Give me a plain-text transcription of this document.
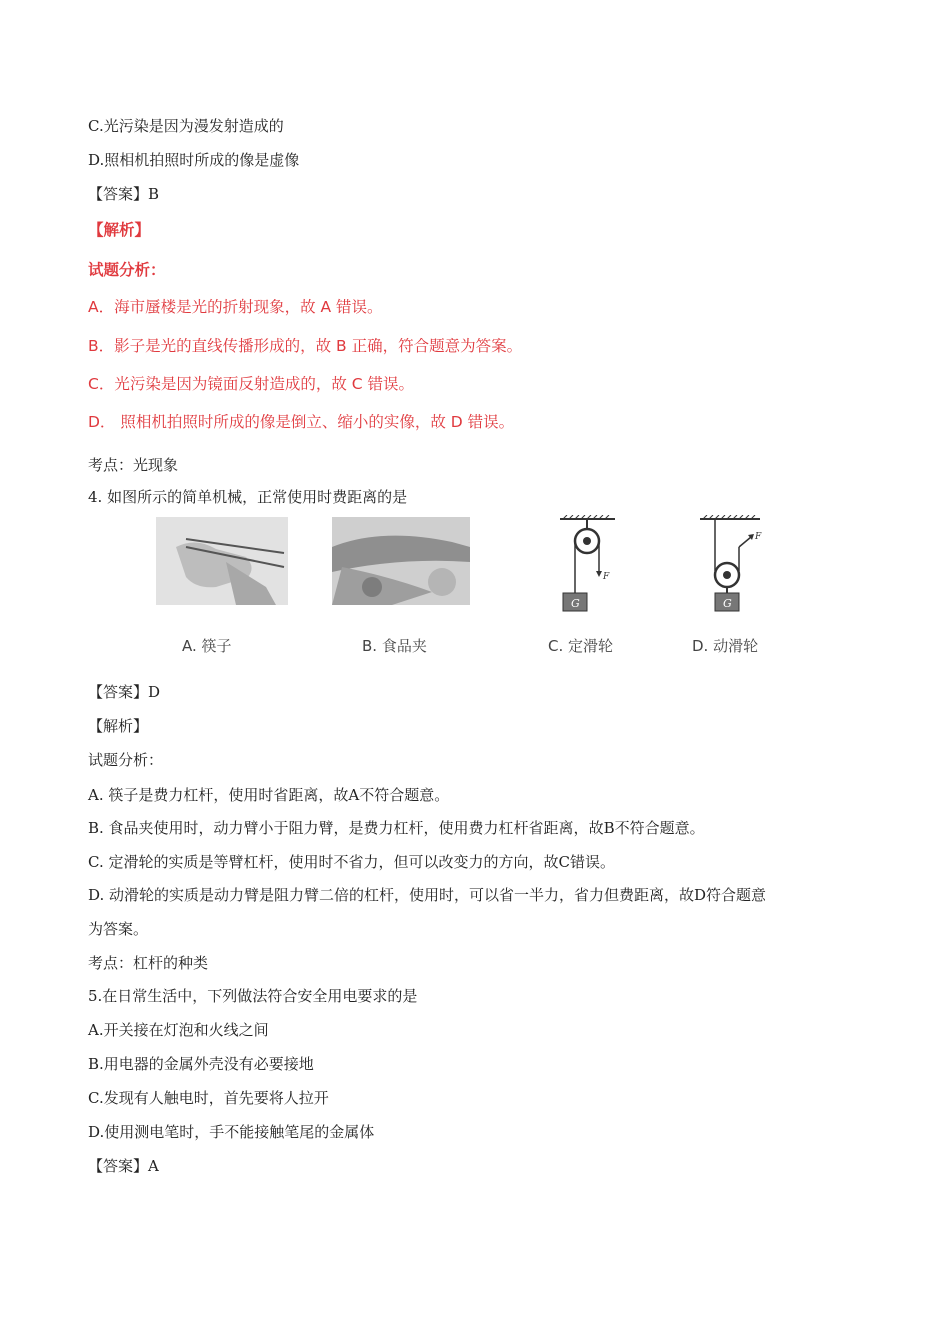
C.光污染是因为漫发射造成的
D.照相机拍照时所成的像是虚像
【答案】B
【解析】
试题分析：
A．海市蜃楼是光的折射现象，故 A 错误。
B．影子是光的直线传播形成的，故 B 正确，符合题意为答案。
C．光污染是因为镜面反射造成的，故 C 错误。
D． 照相机拍照时所成的像是倒立、缩小的实像，故 D 错误。
考点：光现象
4. 如图所示的简单机械，正常使用时费距离的是
G
F
G
F
A. 筷子	B. 食品夹	C. 定滑轮	D. 动滑轮
【答案】D
【解析】
试题分析：
A. 筷子是费力杠杆，使用时省距离，故A不符合题意。
B. 食品夹使用时，动力臂小于阻力臂，是费力杠杆，使用费力杠杆省距离，故B不符合题意。
C. 定滑轮的实质是等臂杠杆，使用时不省力，但可以改变力的方向，故C错误。
D. 动滑轮的实质是动力臂是阻力臂二倍的杠杆，使用时，可以省一半力，省力但费距离，故D符合题意
为答案。
考点：杠杆的种类
5.在日常生活中，下列做法符合安全用电要求的是
A.开关接在灯泡和火线之间
B.用电器的金属外壳没有必要接地
C.发现有人触电时，首先要将人拉开
D.使用测电笔时，手不能接触笔尾的金属体
【答案】A
